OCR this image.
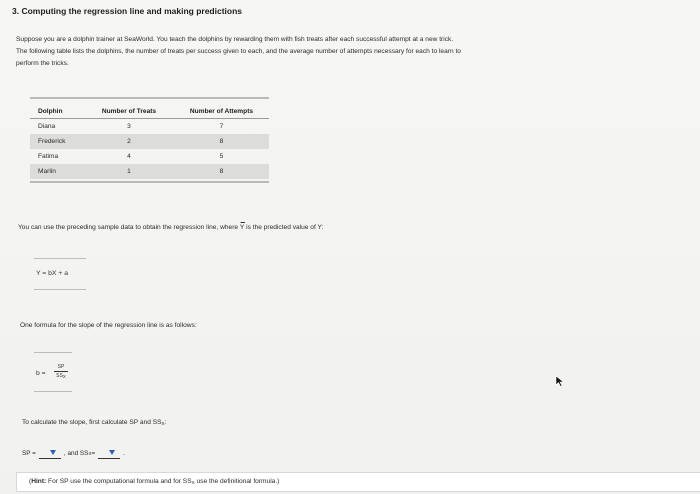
3. Computing the regression line and making predictions

Suppose you are a dolphin trainer at SeaWorld. You teach the dolphins by rewarding them with fish treats after each successful attempt at a new trick.

The following table lists the dolphins, the number of treats per success given to each, and the average number of attempts necessary for each to learn to

perform the tricks.

Dolphin	Number of Treats	Number of Attempts
Diana	3	7
Frederick	2	8
Fatima	4	5
Marlin	1	8
You can use the preceding sample data to obtain the regression line, where Y is the predicted value of Y:
Y = bX + a
One formula for the slope of the regression line is as follows:
b =
SP
$SS_X$
To calculate the slope, first calculate SP and $SS_X$:
SP =	, and SS X =	.
(Hint: For SP use the computational formula and for $SS_X$ use the definitional formula.)
